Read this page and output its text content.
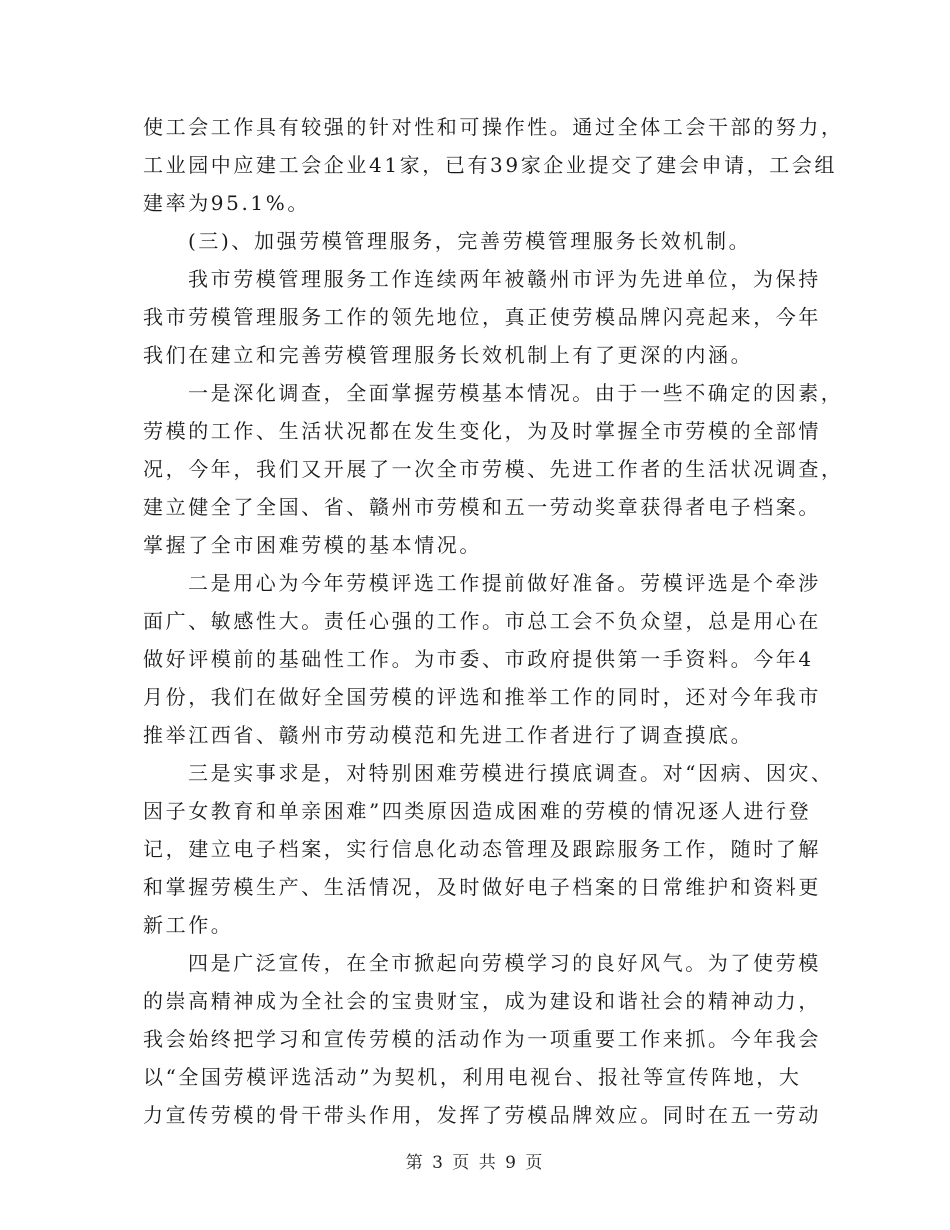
使工会工作具有较强的针对性和可操作性。通过全体工会干部的努力，
工业园中应建工会企业41家，已有39家企业提交了建会申请，工会组
建率为95.1%。
(三)、加强劳模管理服务，完善劳模管理服务长效机制。
我市劳模管理服务工作连续两年被赣州市评为先进单位，为保持
我市劳模管理服务工作的领先地位，真正使劳模品牌闪亮起来，今年
我们在建立和完善劳模管理服务长效机制上有了更深的内涵。
一是深化调查，全面掌握劳模基本情况。由于一些不确定的因素，
劳模的工作、生活状况都在发生变化，为及时掌握全市劳模的全部情
况，今年，我们又开展了一次全市劳模、先进工作者的生活状况调查，
建立健全了全国、省、赣州市劳模和五一劳动奖章获得者电子档案。
掌握了全市困难劳模的基本情况。
二是用心为今年劳模评选工作提前做好准备。劳模评选是个牵涉
面广、敏感性大。责任心强的工作。市总工会不负众望，总是用心在
做好评模前的基础性工作。为市委、市政府提供第一手资料。今年4
月份，我们在做好全国劳模的评选和推举工作的同时，还对今年我市
推举江西省、赣州市劳动模范和先进工作者进行了调查摸底。
三是实事求是，对特别困难劳模进行摸底调查。对“因病、因灾、
因子女教育和单亲困难”四类原因造成困难的劳模的情况逐人进行登
记，建立电子档案，实行信息化动态管理及跟踪服务工作，随时了解
和掌握劳模生产、生活情况，及时做好电子档案的日常维护和资料更
新工作。
四是广泛宣传，在全市掀起向劳模学习的良好风气。为了使劳模
的崇高精神成为全社会的宝贵财宝，成为建设和谐社会的精神动力，
我会始终把学习和宣传劳模的活动作为一项重要工作来抓。今年我会
以“全国劳模评选活动”为契机，利用电视台、报社等宣传阵地，大
力宣传劳模的骨干带头作用，发挥了劳模品牌效应。同时在五一劳动
第 3 页 共 9 页
